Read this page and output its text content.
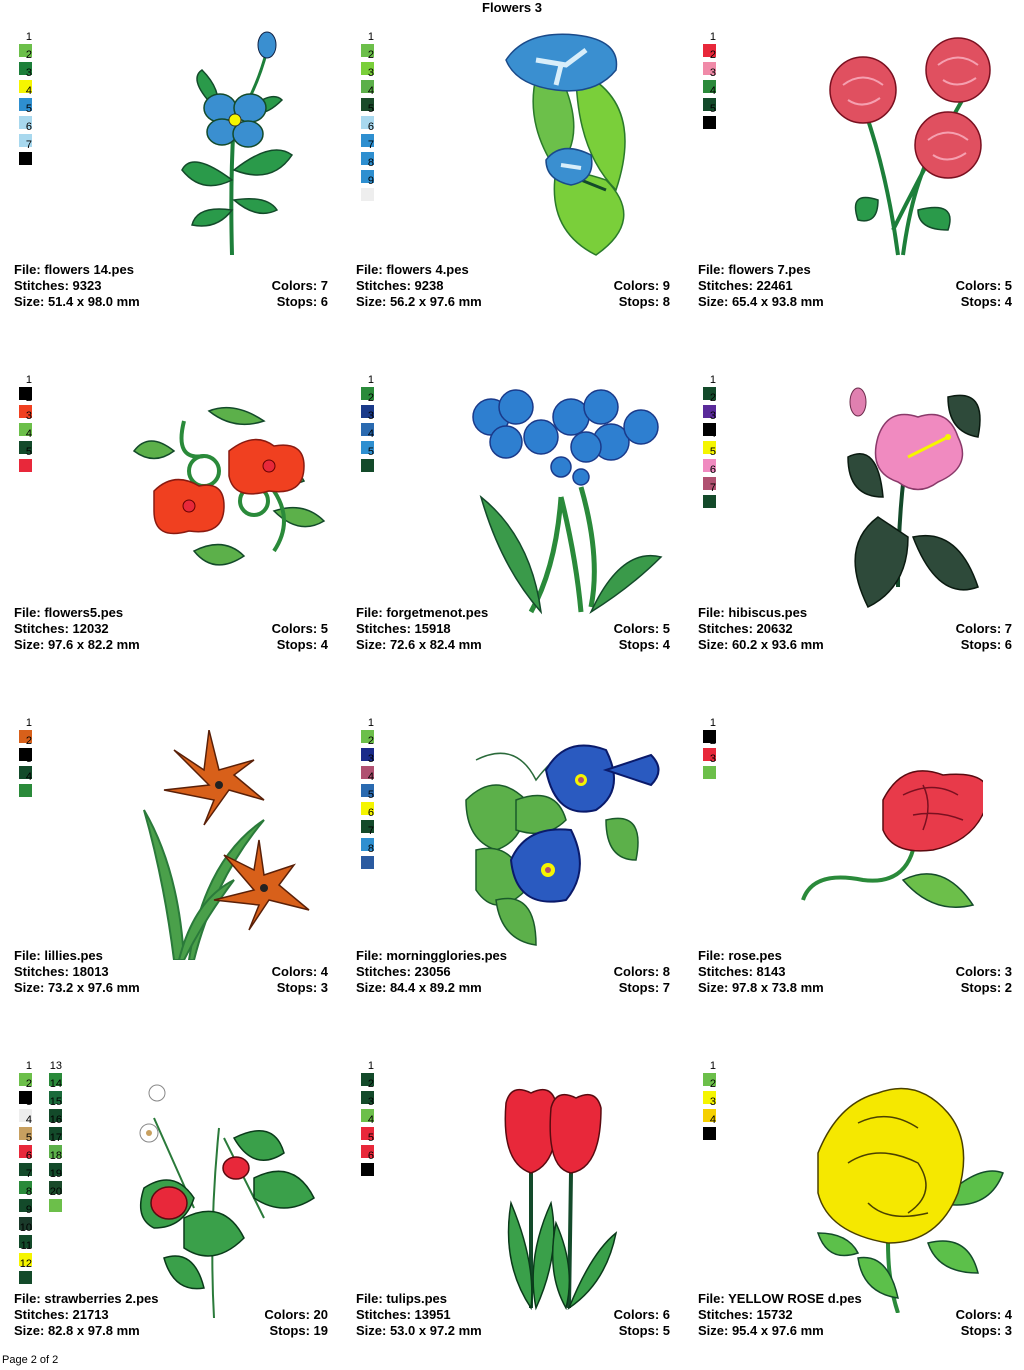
Flowers 3
1
2
3
4
5
6
7
File: flowers 14.pes
Stitches: 9323	Colors: 7
Size: 51.4 x 98.0 mm	Stops: 6
1
2
3
4
5
6
7
8
9
File: flowers 4.pes
Stitches: 9238	Colors: 9
Size: 56.2 x 97.6 mm	Stops: 8
1
2
3
4
5
File: flowers 7.pes
Stitches: 22461	Colors: 5
Size: 65.4 x 93.8 mm	Stops: 4
1
2
3
4
5
File: flowers5.pes
Stitches: 12032	Colors: 5
Size: 97.6 x 82.2 mm	Stops: 4
1
2
3
4
5
File: forgetmenot.pes
Stitches: 15918	Colors: 5
Size: 72.6 x 82.4 mm	Stops: 4
1
2
3
4
5
6
7
File: hibiscus.pes
Stitches: 20632	Colors: 7
Size: 60.2 x 93.6 mm	Stops: 6
1
2
3
4
File: lillies.pes
Stitches: 18013	Colors: 4
Size: 73.2 x 97.6 mm	Stops: 3
1
2
3
4
5
6
7
8
File: morningglories.pes
Stitches: 23056	Colors: 8
Size: 84.4 x 89.2 mm	Stops: 7
1
2
3
File: rose.pes
Stitches: 8143	Colors: 3
Size: 97.8 x 73.8 mm	Stops: 2
1
2
3
4
5
6
7
8
9
10
11
12
13
14
15
16
17
18
19
20
File: strawberries 2.pes
Stitches: 21713	Colors: 20
Size: 82.8 x 97.8 mm	Stops: 19
1
2
3
4
5
6
File: tulips.pes
Stitches: 13951	Colors: 6
Size: 53.0 x 97.2 mm	Stops: 5
1
2
3
4
File: YELLOW ROSE d.pes
Stitches: 15732	Colors: 4
Size: 95.4 x 97.6 mm	Stops: 3
Page 2 of 2
